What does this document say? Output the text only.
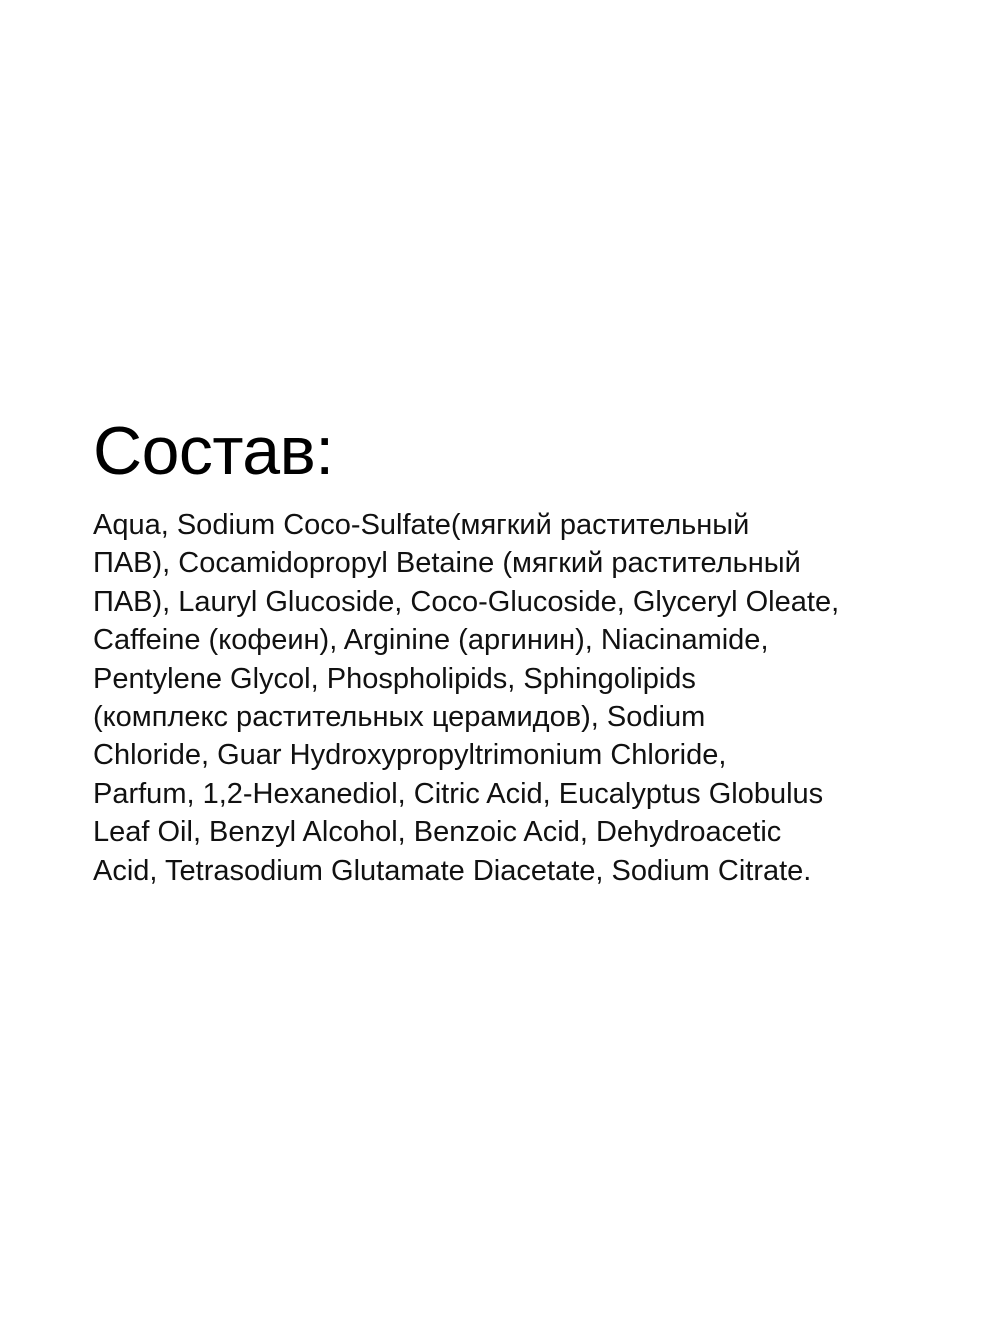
Состав:

Aqua, Sodium Coco-Sulfate(мягкий растительный
ПАВ), Cocamidopropyl Betaine (мягкий растительный
ПАВ), Lauryl Glucoside, Coco-Glucoside, Glyceryl Oleate,
Caffeine (кофеин), Arginine (аргинин), Niacinamide,
Pentylene Glycol, Phospholipids, Sphingolipids
(комплекс растительных церамидов), Sodium
Chloride, Guar Hydroxypropyltrimonium Chloride,
Parfum, 1,2-Hexanediol, Citric Acid, Eucalyptus Globulus
Leaf Oil, Benzyl Alcohol, Benzoic Acid, Dehydroacetic
Acid, Tetrasodium Glutamate Diacetate, Sodium Citrate.
